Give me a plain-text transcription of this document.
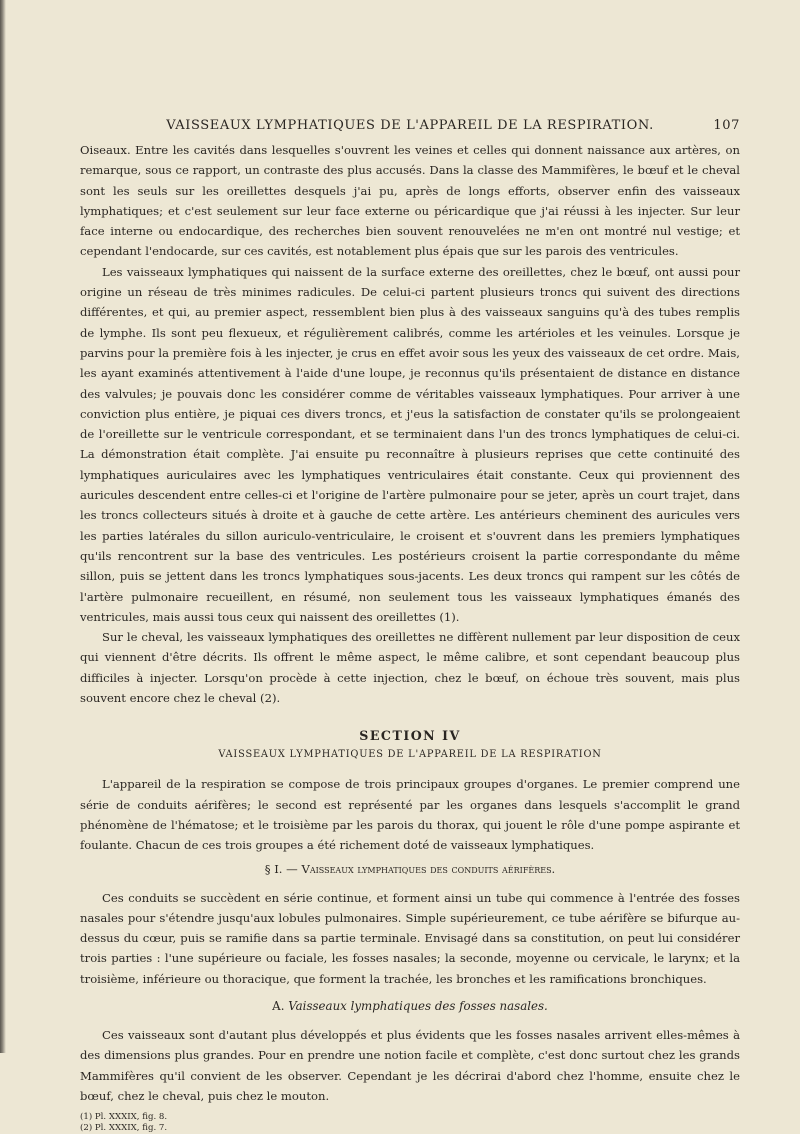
VAISSEAUX LYMPHATIQUES DE L'APPAREIL DE LA RESPIRATION.	107

Oiseaux. Entre les cavités dans lesquelles s'ouvrent les veines et celles qui donnent naissance aux artères, on remarque, sous ce rapport, un contraste des plus accusés. Dans la classe des Mammifères, le bœuf et le cheval sont les seuls sur les oreillettes desquels j'ai pu, après de longs efforts, observer enfin des vaisseaux lymphatiques; et c'est seulement sur leur face externe ou péricardique que j'ai réussi à les injecter. Sur leur face interne ou endocardique, des recherches bien souvent renouvelées ne m'en ont montré nul vestige; et cependant l'endocarde, sur ces cavités, est notablement plus épais que sur les parois des ventricules.

Les vaisseaux lymphatiques qui naissent de la surface externe des oreillettes, chez le bœuf, ont aussi pour origine un réseau de très minimes radicules. De celui-ci partent plusieurs troncs qui suivent des directions différentes, et qui, au premier aspect, ressemblent bien plus à des vaisseaux sanguins qu'à des tubes remplis de lymphe. Ils sont peu flexueux, et régulièrement calibrés, comme les artérioles et les veinules. Lorsque je parvins pour la première fois à les injecter, je crus en effet avoir sous les yeux des vaisseaux de cet ordre. Mais, les ayant examinés attentivement à l'aide d'une loupe, je reconnus qu'ils présentaient de distance en distance des valvules; je pouvais donc les considérer comme de véritables vaisseaux lymphatiques. Pour arriver à une conviction plus entière, je piquai ces divers troncs, et j'eus la satisfaction de constater qu'ils se prolongeaient de l'oreillette sur le ventricule correspondant, et se terminaient dans l'un des troncs lymphatiques de celui-ci. La démonstration était complète. J'ai ensuite pu reconnaître à plusieurs reprises que cette continuité des lymphatiques auriculaires avec les lymphatiques ventriculaires était constante. Ceux qui proviennent des auricules descendent entre celles-ci et l'origine de l'artère pulmonaire pour se jeter, après un court trajet, dans les troncs collecteurs situés à droite et à gauche de cette artère. Les antérieurs cheminent des auricules vers les parties latérales du sillon auriculo-ventriculaire, le croisent et s'ouvrent dans les premiers lymphatiques qu'ils rencontrent sur la base des ventricules. Les postérieurs croisent la partie correspondante du même sillon, puis se jettent dans les troncs lymphatiques sous-jacents. Les deux troncs qui rampent sur les côtés de l'artère pulmonaire recueillent, en résumé, non seulement tous les vaisseaux lymphatiques émanés des ventricules, mais aussi tous ceux qui naissent des oreillettes (1).

Sur le cheval, les vaisseaux lymphatiques des oreillettes ne diffèrent nullement par leur disposition de ceux qui viennent d'être décrits. Ils offrent le même aspect, le même calibre, et sont cependant beaucoup plus difficiles à injecter. Lorsqu'on procède à cette injection, chez le bœuf, on échoue très souvent, mais plus souvent encore chez le cheval (2).

SECTION IV
VAISSEAUX LYMPHATIQUES DE L'APPAREIL DE LA RESPIRATION

L'appareil de la respiration se compose de trois principaux groupes d'organes. Le premier comprend une série de conduits aérifères; le second est représenté par les organes dans lesquels s'accomplit le grand phénomène de l'hématose; et le troisième par les parois du thorax, qui jouent le rôle d'une pompe aspirante et foulante. Chacun de ces trois groupes a été richement doté de vaisseaux lymphatiques.

§ I. — Vaisseaux lymphatiques des conduits aérifères.

Ces conduits se succèdent en série continue, et forment ainsi un tube qui commence à l'entrée des fosses nasales pour s'étendre jusqu'aux lobules pulmonaires. Simple supérieurement, ce tube aérifère se bifurque au-dessus du cœur, puis se ramifie dans sa partie terminale. Envisagé dans sa constitution, on peut lui considérer trois parties : l'une supérieure ou faciale, les fosses nasales; la seconde, moyenne ou cervicale, le larynx; et la troisième, inférieure ou thoracique, que forment la trachée, les bronches et les ramifications bronchiques.

A. Vaisseaux lymphatiques des fosses nasales.

Ces vaisseaux sont d'autant plus développés et plus évidents que les fosses nasales arrivent elles-mêmes à des dimensions plus grandes. Pour en prendre une notion facile et complète, c'est donc surtout chez les grands Mammifères qu'il convient de les observer. Cependant je les décrirai d'abord chez l'homme, ensuite chez le bœuf, chez le cheval, puis chez le mouton.

(1) Pl. XXXIX, fig. 8.
(2) Pl. XXXIX, fig. 7.
